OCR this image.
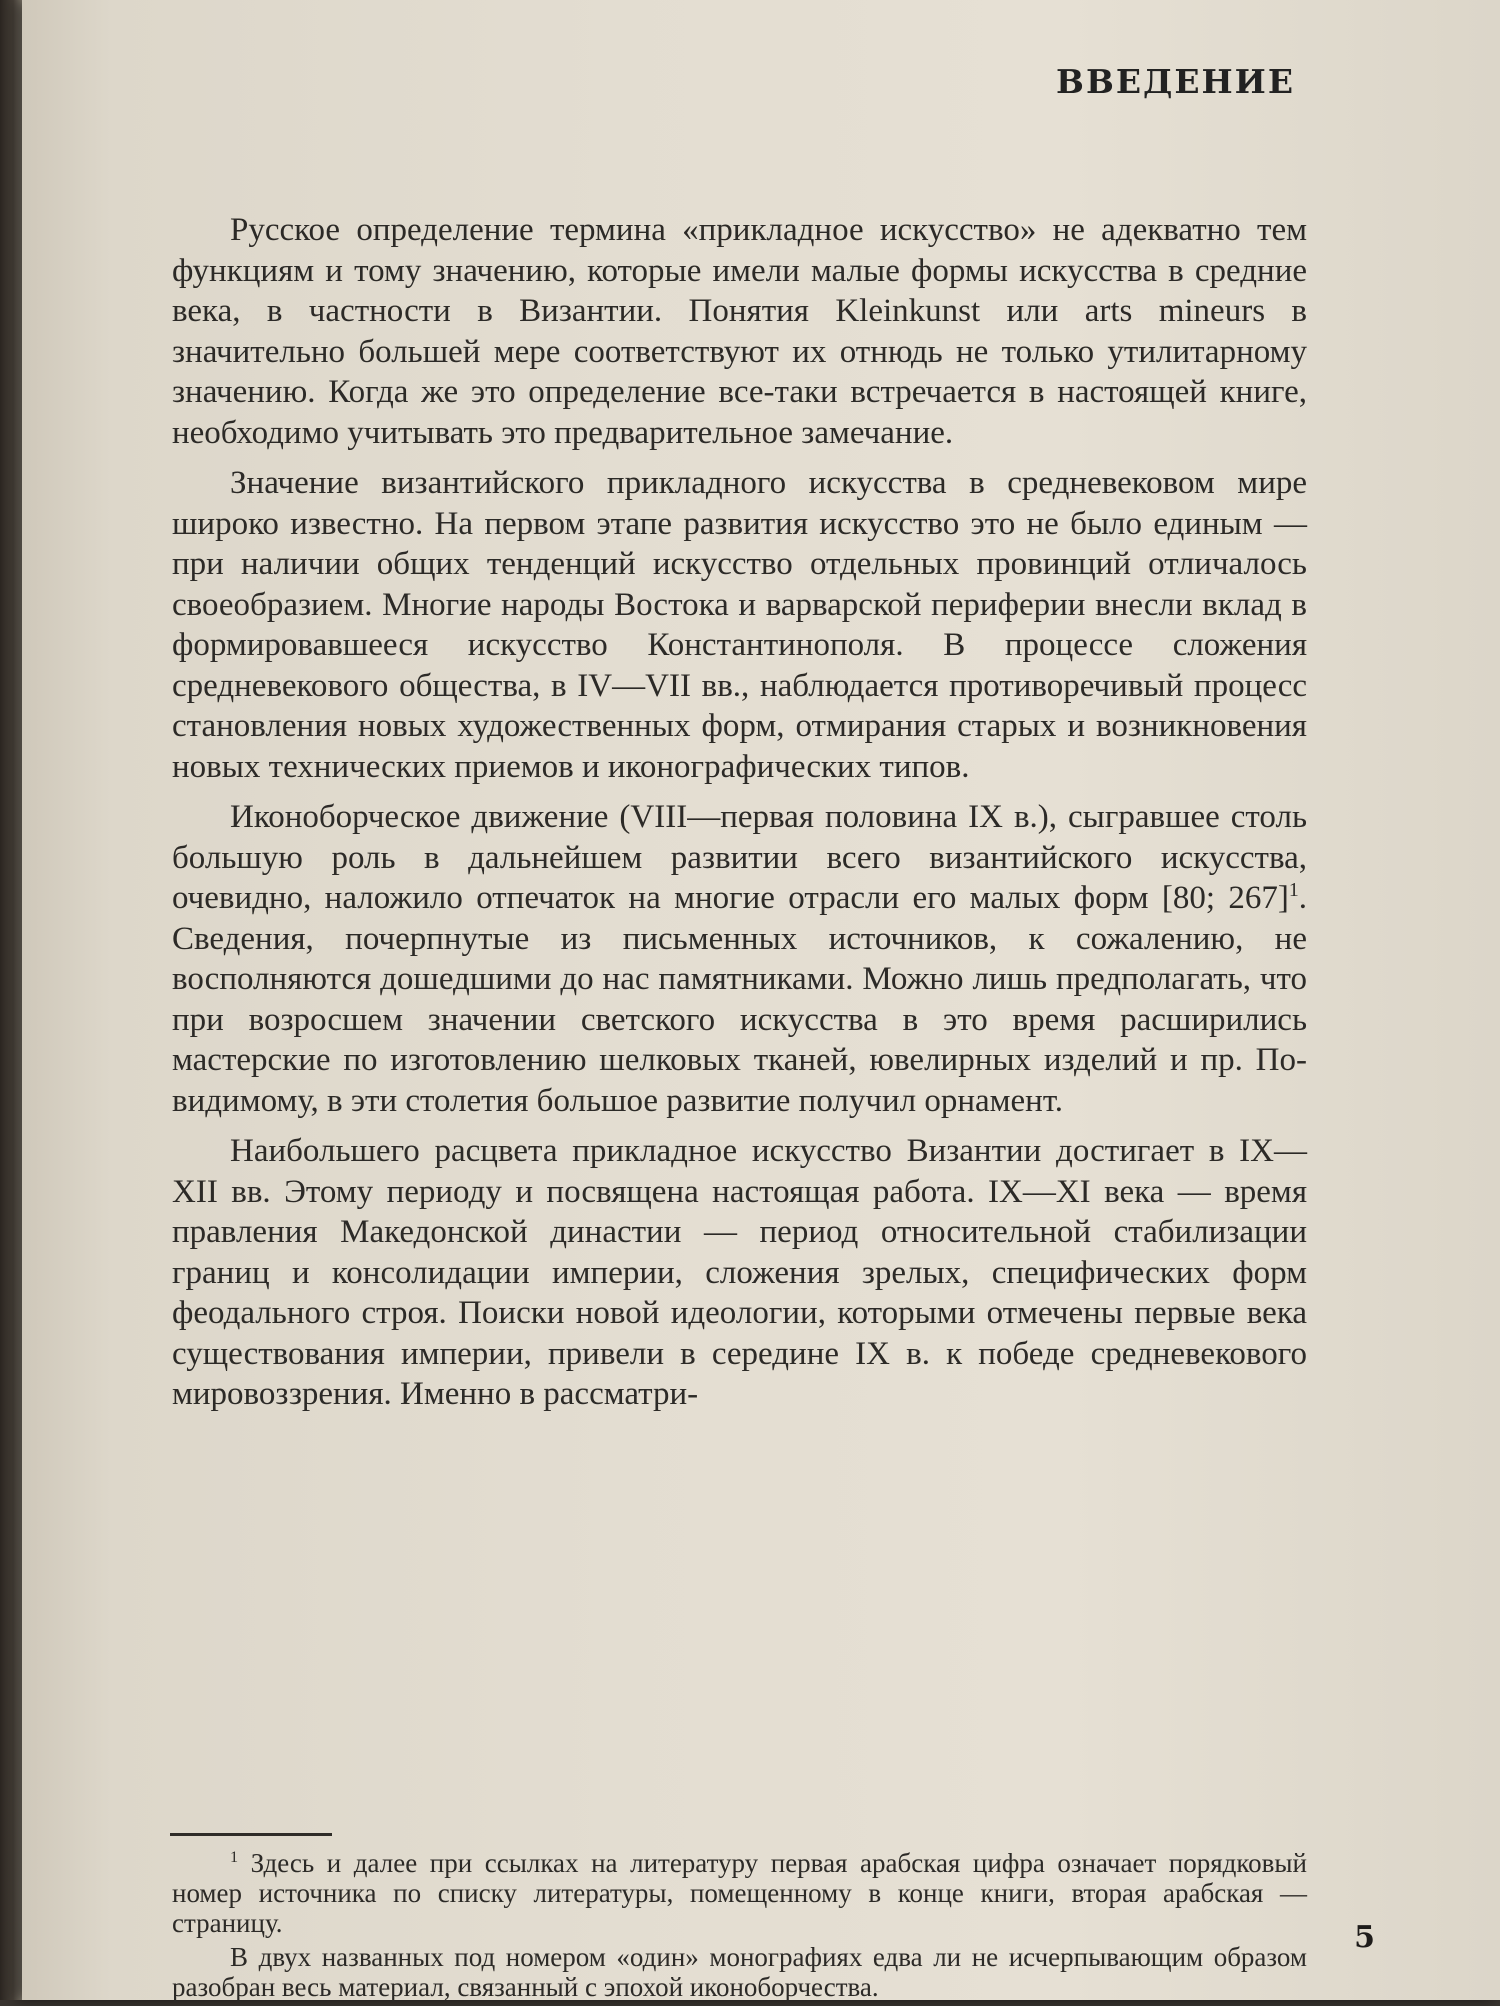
ВВЕДЕНИЕ

Русское определение термина «прикладное искусство» не адекватно тем функциям и тому значению, которые имели малые формы искусства в средние века, в частности в Византии. Понятия Kleinkunst или arts mineurs в значительно большей мере соответствуют их отнюдь не только утилитарному значению. Когда же это определение все-таки встречается в настоящей книге, необходимо учитывать это предварительное замечание.

Значение византийского прикладного искусства в средневековом мире широко известно. На первом этапе развития искусство это не было единым — при наличии общих тенденций искусство отдельных провинций отличалось своеобразием. Многие народы Востока и варварской периферии внесли вклад в формировавшееся искусство Константинополя. В процессе сложения средневекового общества, в IV—VII вв., наблюдается противоречивый процесс становления новых художественных форм, отмирания старых и возникновения новых технических приемов и иконографических типов.

Иконоборческое движение (VIII—первая половина IX в.), сыгравшее столь большую роль в дальнейшем развитии всего византийского искусства, очевидно, наложило отпечаток на многие отрасли его малых форм [80; 267]$^1$. Сведения, почерпнутые из письменных источников, к сожалению, не восполняются дошедшими до нас памятниками. Можно лишь предполагать, что при возросшем значении светского искусства в это время расширились мастерские по изготовлению шелковых тканей, ювелирных изделий и пр. По-видимому, в эти столетия большое развитие получил орнамент.

Наибольшего расцвета прикладное искусство Византии достигает в IX—XII вв. Этому периоду и посвящена настоящая работа. IX—XI века — время правления Македонской династии — период относительной стабилизации границ и консолидации империи, сложения зрелых, специфических форм феодального строя. Поиски новой идеологии, которыми отмечены первые века существования империи, привели в середине IX в. к победе средневекового мировоззрения. Именно в рассматри-

$^1$ Здесь и далее при ссылках на литературу первая арабская цифра означает порядковый номер источника по списку литературы, помещенному в конце книги, вторая арабская — страницу.

В двух названных под номером «один» монографиях едва ли не исчерпывающим образом разобран весь материал, связанный с эпохой иконоборчества.

5
